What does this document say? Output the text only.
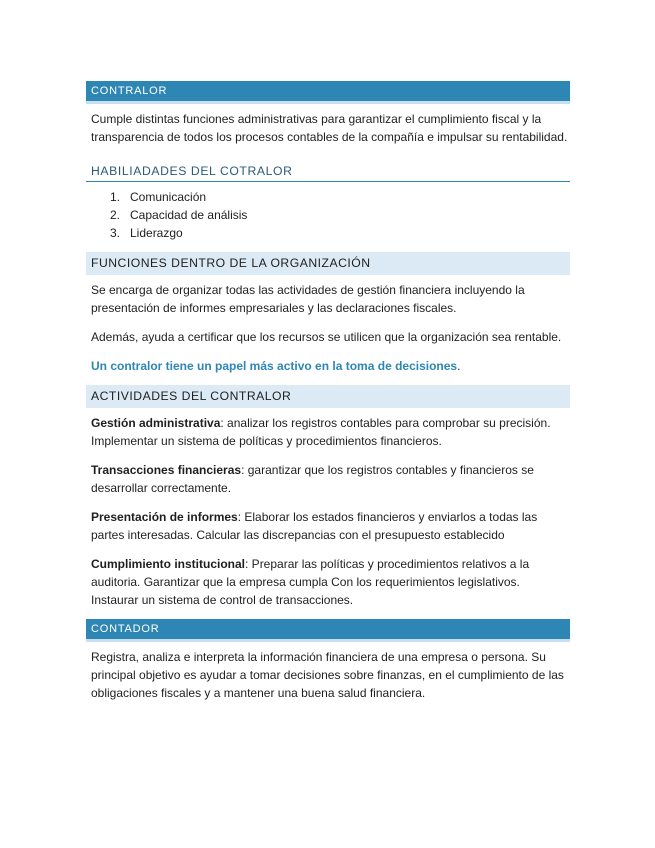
CONTRALOR

Cumple distintas funciones administrativas para garantizar el cumplimiento fiscal y la transparencia de todos los procesos contables de la compañía e impulsar su rentabilidad.

HABILIADADES DEL COTRALOR
1. Comunicación
2. Capacidad de análisis
3. Liderazgo
FUNCIONES DENTRO DE LA ORGANIZACIÓN

Se encarga de organizar todas las actividades de gestión financiera incluyendo la presentación de informes empresariales y las declaraciones fiscales.

Además, ayuda a certificar que los recursos se utilicen que la organización sea rentable.

Un contralor tiene un papel más activo en la toma de decisiones.

ACTIVIDADES DEL CONTRALOR

Gestión administrativa: analizar los registros contables para comprobar su precisión. Implementar un sistema de políticas y procedimientos financieros.

Transacciones financieras: garantizar que los registros contables y financieros se desarrollar correctamente.

Presentación de informes: Elaborar los estados financieros y enviarlos a todas las partes interesadas. Calcular las discrepancias con el presupuesto establecido

Cumplimiento institucional: Preparar las políticas y procedimientos relativos a la auditoria. Garantizar que la empresa cumpla Con los requerimientos legislativos. Instaurar un sistema de control de transacciones.

CONTADOR

Registra, analiza e interpreta la información financiera de una empresa o persona. Su principal objetivo es ayudar a tomar decisiones sobre finanzas, en el cumplimiento de las obligaciones fiscales y a mantener una buena salud financiera.
